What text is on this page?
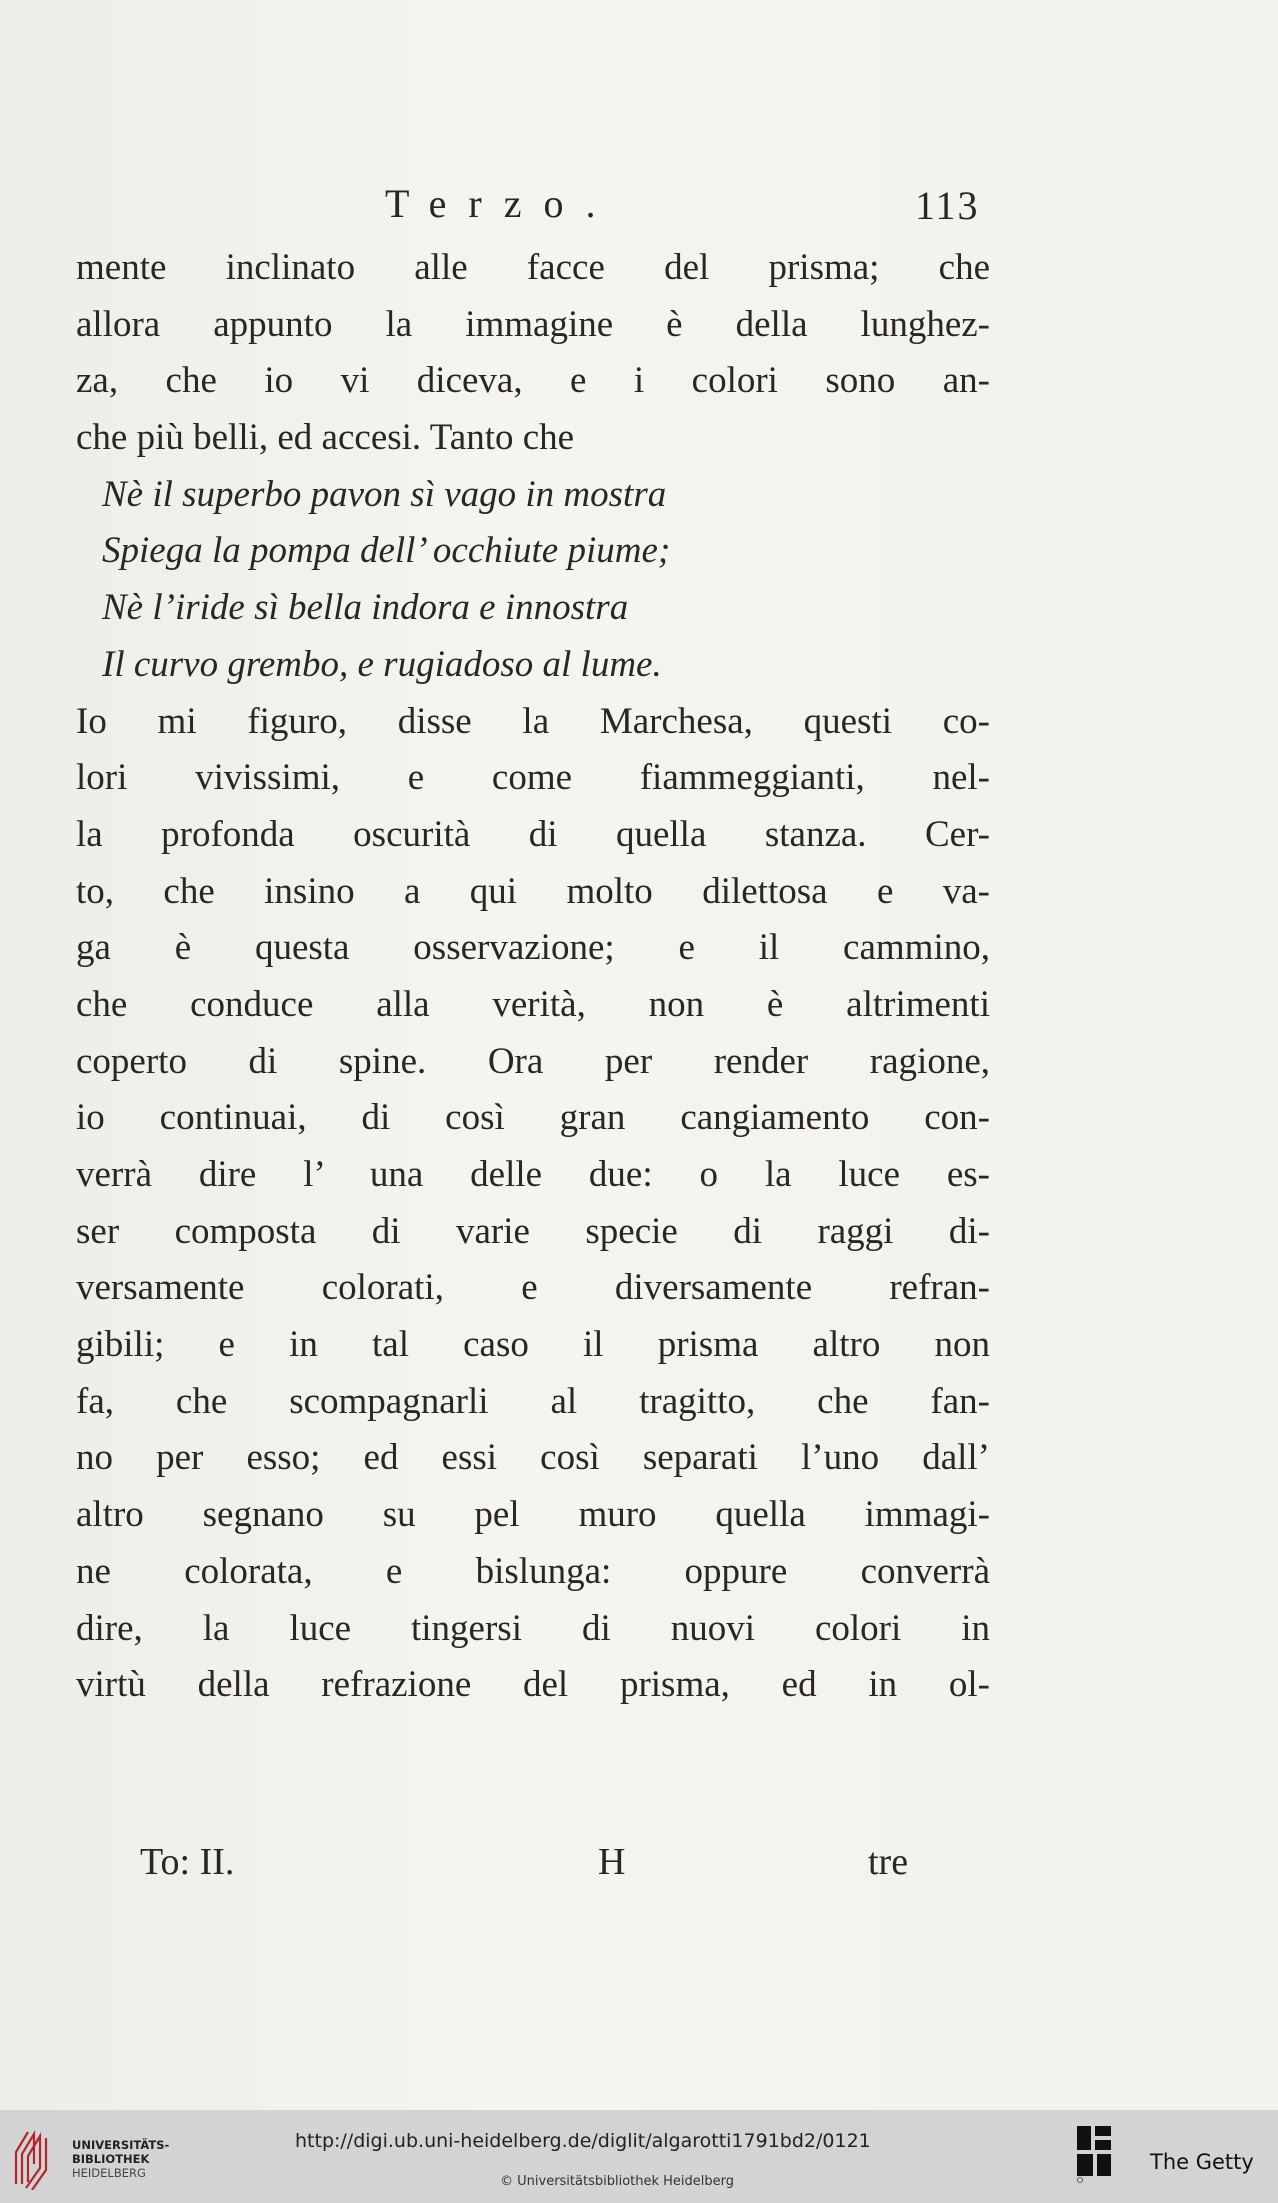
Terzo.	113
mente inclinato alle facce del prisma; che
allora appunto la immagine è della lunghez-
za, che io vi diceva, e i colori sono an-
che più belli, ed accesi. Tanto che
Nè il superbo pavon sì vago in mostra
Spiega la pompa dell’ occhiute piume;
Nè l’iride sì bella indora e innostra
Il curvo grembo, e rugiadoso al lume.
Io mi figuro, disse la Marchesa, questi co-
lori vivissimi, e come fiammeggianti, nel-
la profonda oscurità di quella stanza. Cer-
to, che insino a qui molto dilettosa e va-
ga è questa osservazione; e il cammino,
che conduce alla verità, non è altrimenti
coperto di spine. Ora per render ragione,
io continuai, di così gran cangiamento con-
verrà dire l’ una delle due: o la luce es-
ser composta di varie specie di raggi di-
versamente colorati, e diversamente refran-
gibili; e in tal caso il prisma altro non
fa, che scompagnarli al tragitto, che fan-
no per esso; ed essi così separati l’uno dall’
altro segnano su pel muro quella immagi-
ne colorata, e bislunga: oppure converrà
dire, la luce tingersi di nuovi colori in
virtù della refrazione del prisma, ed in ol-
To: II.	H	tre
UNIVERSITÄTS-
BIBLIOTHEK
HEIDELBERG
http://digi.ub.uni-heidelberg.de/diglit/algarotti1791bd2/0121
© Universitätsbibliothek Heidelberg
The Getty
